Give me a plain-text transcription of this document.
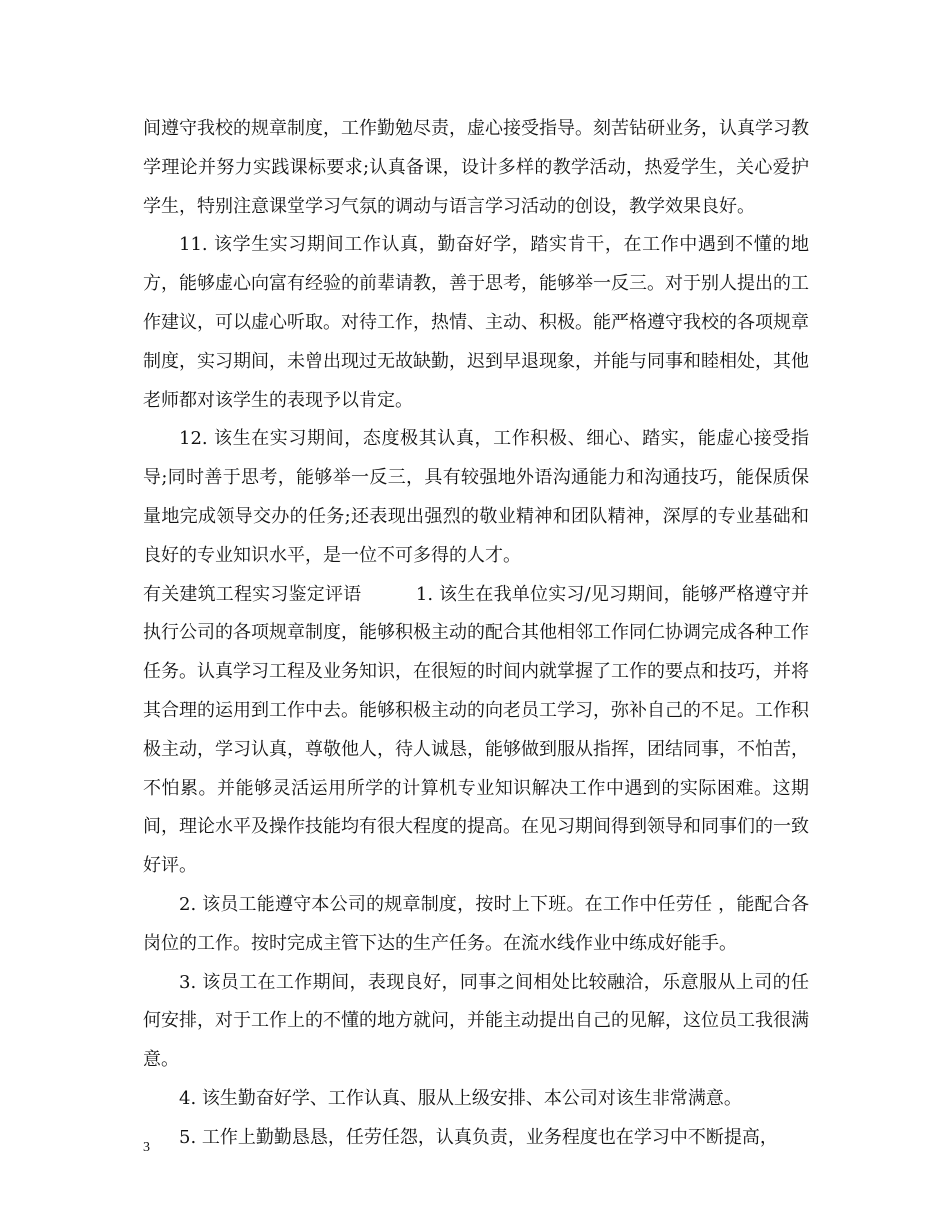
间遵守我校的规章制度，工作勤勉尽责，虚心接受指导。刻苦钻研业务，认真学习教学理论并努力实践课标要求;认真备课，设计多样的教学活动，热爱学生，关心爱护学生，特别注意课堂学习气氛的调动与语言学习活动的创设，教学效果良好。

11. 该学生实习期间工作认真，勤奋好学，踏实肯干，在工作中遇到不懂的地方，能够虚心向富有经验的前辈请教，善于思考，能够举一反三。对于别人提出的工作建议，可以虚心听取。对待工作，热情、主动、积极。能严格遵守我校的各项规章制度，实习期间，未曾出现过无故缺勤，迟到早退现象，并能与同事和睦相处，其他老师都对该学生的表现予以肯定。

12. 该生在实习期间，态度极其认真，工作积极、细心、踏实，能虚心接受指导;同时善于思考，能够举一反三，具有较强地外语沟通能力和沟通技巧，能保质保量地完成领导交办的任务;还表现出强烈的敬业精神和团队精神，深厚的专业基础和良好的专业知识水平，是一位不可多得的人才。

有关建筑工程实习鉴定评语　　　1. 该生在我单位实习/见习期间，能够严格遵守并执行公司的各项规章制度，能够积极主动的配合其他相邻工作同仁协调完成各种工作任务。认真学习工程及业务知识，在很短的时间内就掌握了工作的要点和技巧，并将其合理的运用到工作中去。能够积极主动的向老员工学习，弥补自己的不足。工作积极主动，学习认真，尊敬他人，待人诚恳，能够做到服从指挥，团结同事，不怕苦，不怕累。并能够灵活运用所学的计算机专业知识解决工作中遇到的实际困难。这期间，理论水平及操作技能均有很大程度的提高。在见习期间得到领导和同事们的一致好评。

2. 该员工能遵守本公司的规章制度，按时上下班。在工作中任劳任 ，能配合各岗位的工作。按时完成主管下达的生产任务。在流水线作业中练成好能手。

3. 该员工在工作期间，表现良好，同事之间相处比较融洽，乐意服从上司的任何安排，对于工作上的不懂的地方就问，并能主动提出自己的见解，这位员工我很满意。

4. 该生勤奋好学、工作认真、服从上级安排、本公司对该生非常满意。

5. 工作上勤勤恳恳，任劳任怨，认真负责，业务程度也在学习中不断提高，

3
